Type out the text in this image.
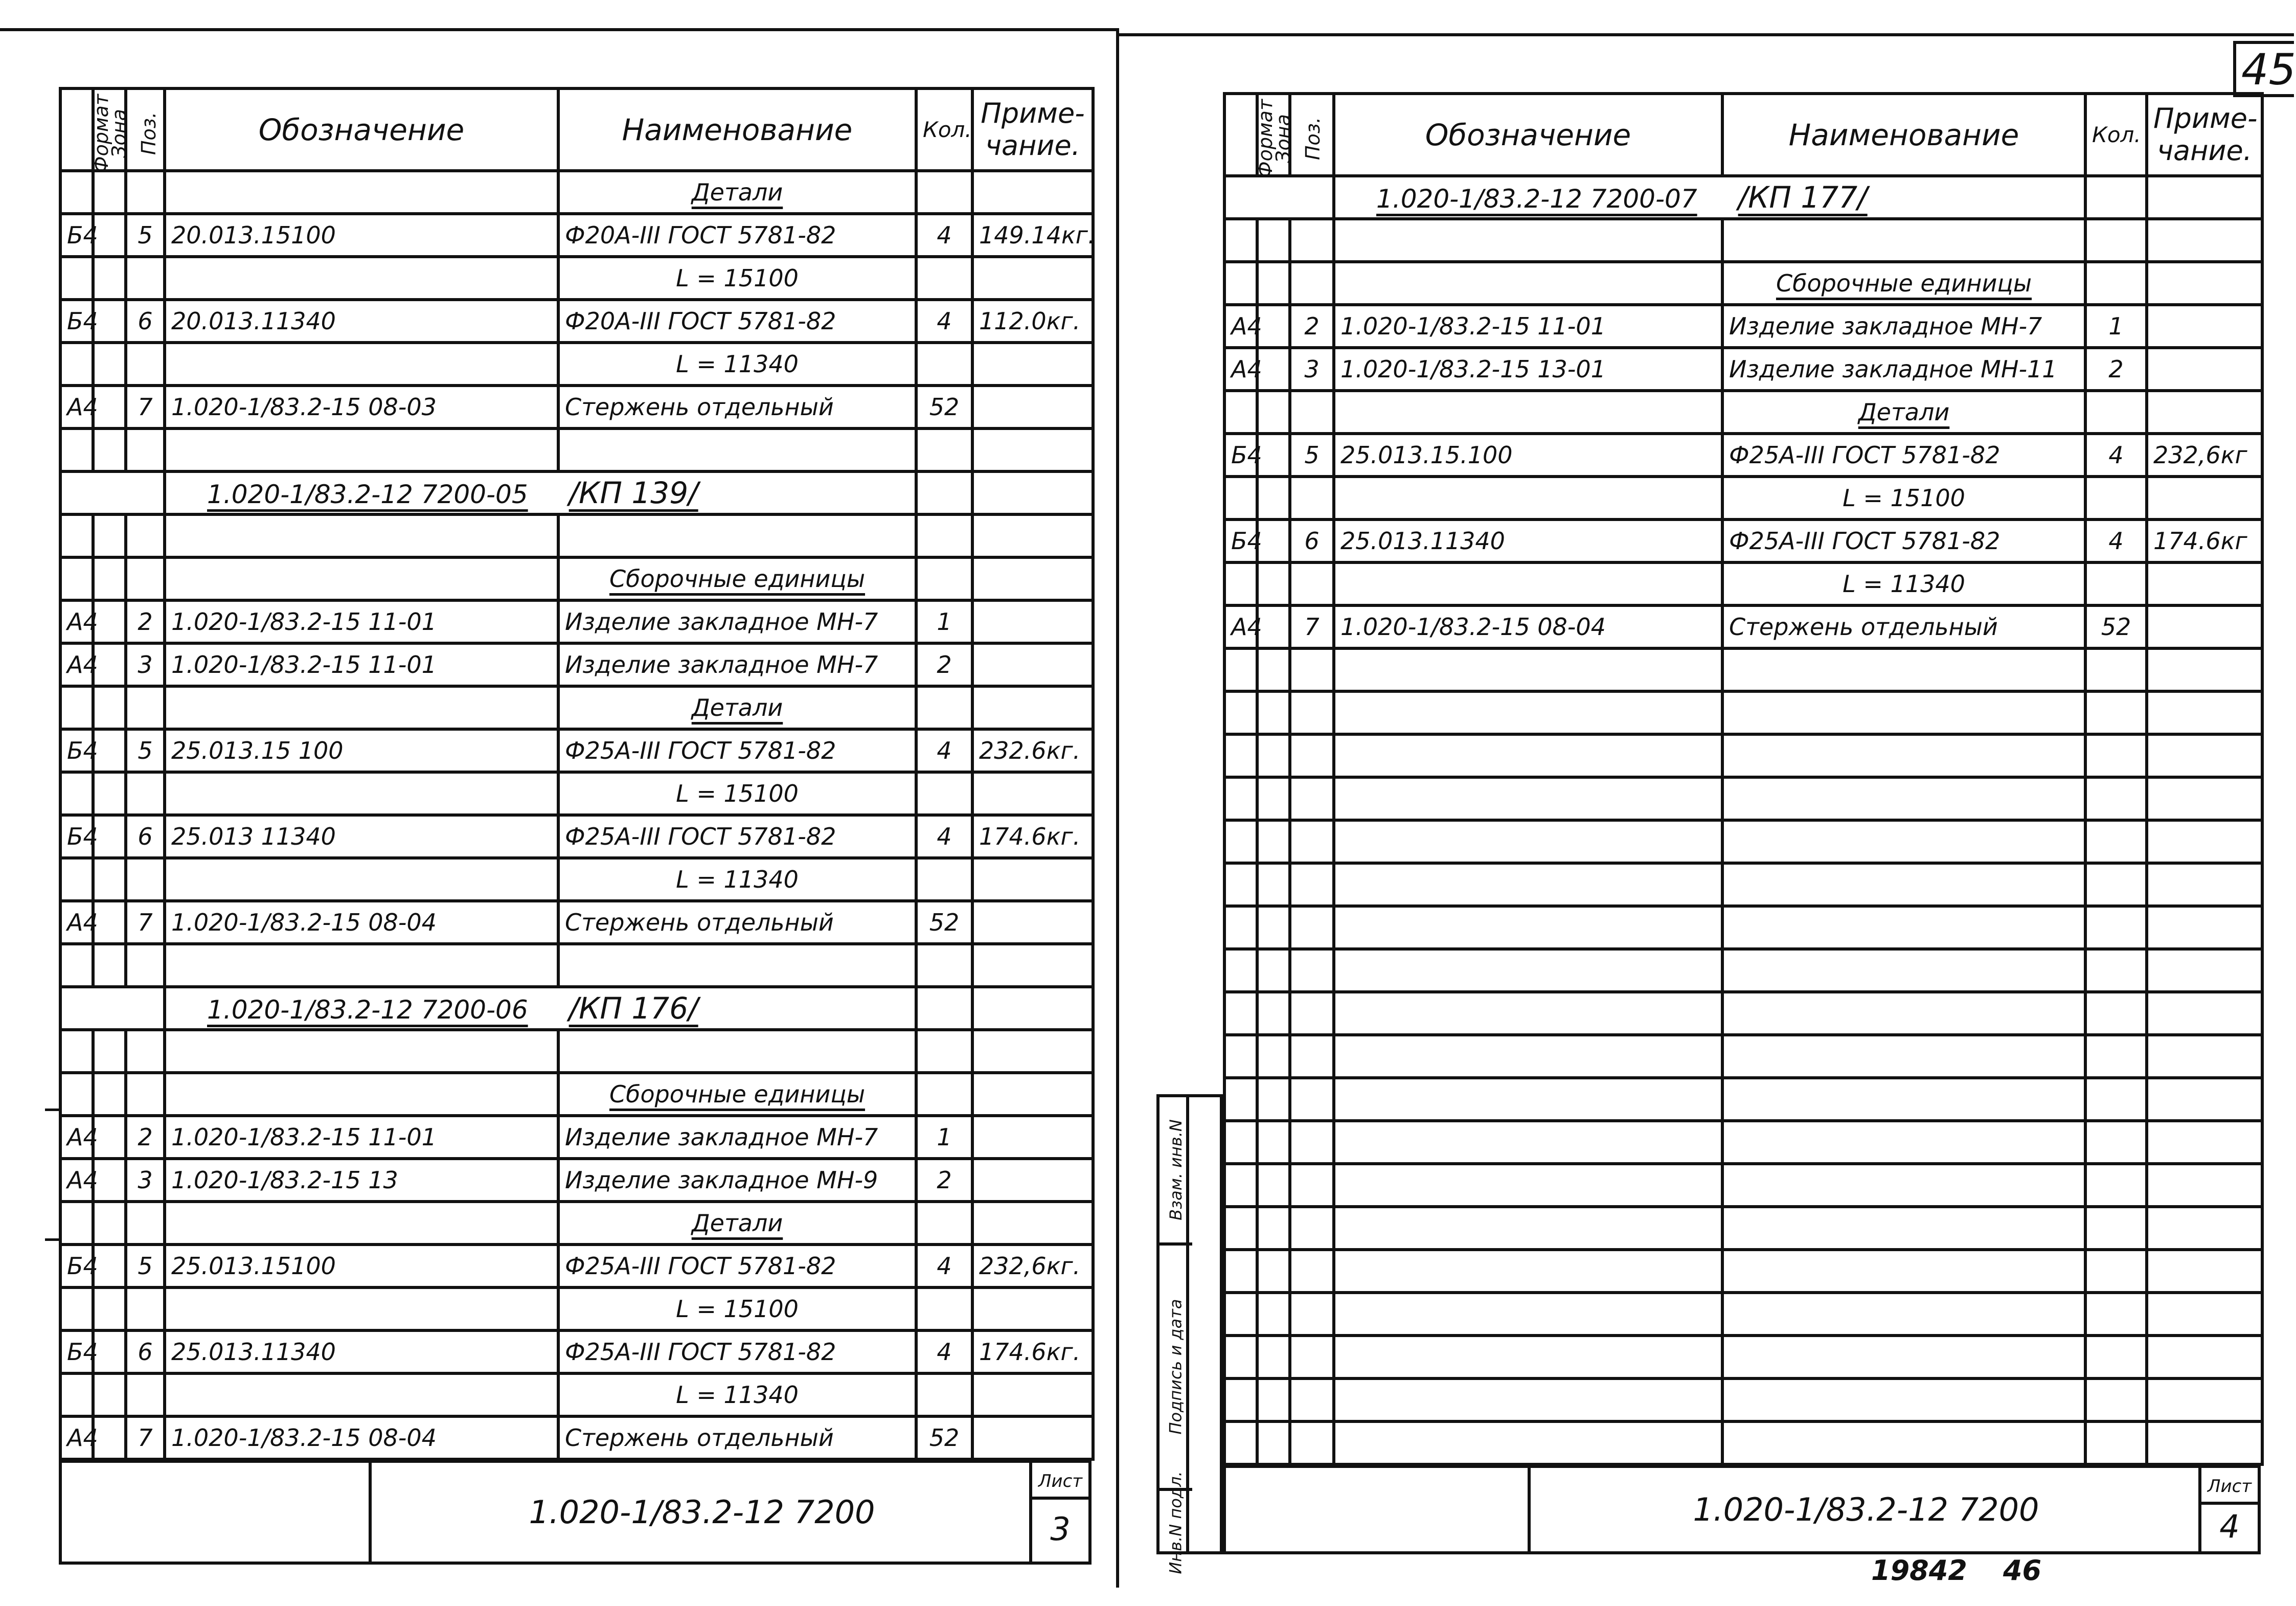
Формат	Зона	Поз.	Обозначение	Наименование	Кол.	Приме-
чание.

				Детали		
Б4		5	20.013.15100	Ф20А-III ГОСТ 5781-82	4	149.14кг.
				L = 15100		
Б4		6	20.013.11340	Ф20А-III ГОСТ 5781-82	4	112.0кг.
				L = 11340		
А4		7	1.020-1/83.2-15 08-03	Стержень отдельный	52	

			1.020-1/83.2-12 7200-05 /КП 139/			

				Сборочные единицы		
А4		2	1.020-1/83.2-15 11-01	Изделие закладное МН-7	1	
А4		3	1.020-1/83.2-15 11-01	Изделие закладное МН-7	2	
				Детали		
Б4		5	25.013.15 100	Ф25А-III ГОСТ 5781-82	4	232.6кг.
				L = 15100		
Б4		6	25.013 11340	Ф25А-III ГОСТ 5781-82	4	174.6кг.
				L = 11340		
А4		7	1.020-1/83.2-15 08-04	Стержень отдельный	52	

			1.020-1/83.2-12 7200-06 /КП 176/			

				Сборочные единицы		
А4		2	1.020-1/83.2-15 11-01	Изделие закладное МН-7	1	
А4		3	1.020-1/83.2-15 13	Изделие закладное МН-9	2	
				Детали		
Б4		5	25.013.15100	Ф25А-III ГОСТ 5781-82	4	232,6кг.
				L = 15100		
Б4		6	25.013.11340	Ф25А-III ГОСТ 5781-82	4	174.6кг.
				L = 11340		
А4		7	1.020-1/83.2-15 08-04	Стержень отдельный	52	
1.020-1/83.2-12 7200
Лист
3
45
Формат	Зона	Поз.	Обозначение	Наименование	Кол.	Приме-
чание.

			1.020-1/83.2-12 7200-07 /КП 177/			

				Сборочные единицы		
А4		2	1.020-1/83.2-15 11-01	Изделие закладное МН-7	1	
А4		3	1.020-1/83.2-15 13-01	Изделие закладное МН-11	2	
				Детали		
Б4		5	25.013.15.100	Ф25А-III ГОСТ 5781-82	4	232,6кг
				L = 15100		
Б4		6	25.013.11340	Ф25А-III ГОСТ 5781-82	4	174.6кг
				L = 11340		
А4		7	1.020-1/83.2-15 08-04	Стержень отдельный	52	

1.020-1/83.2-12 7200
Лист
4
Взам. инв.N
Подпись и дата
Инв.N подл.	19842 46
